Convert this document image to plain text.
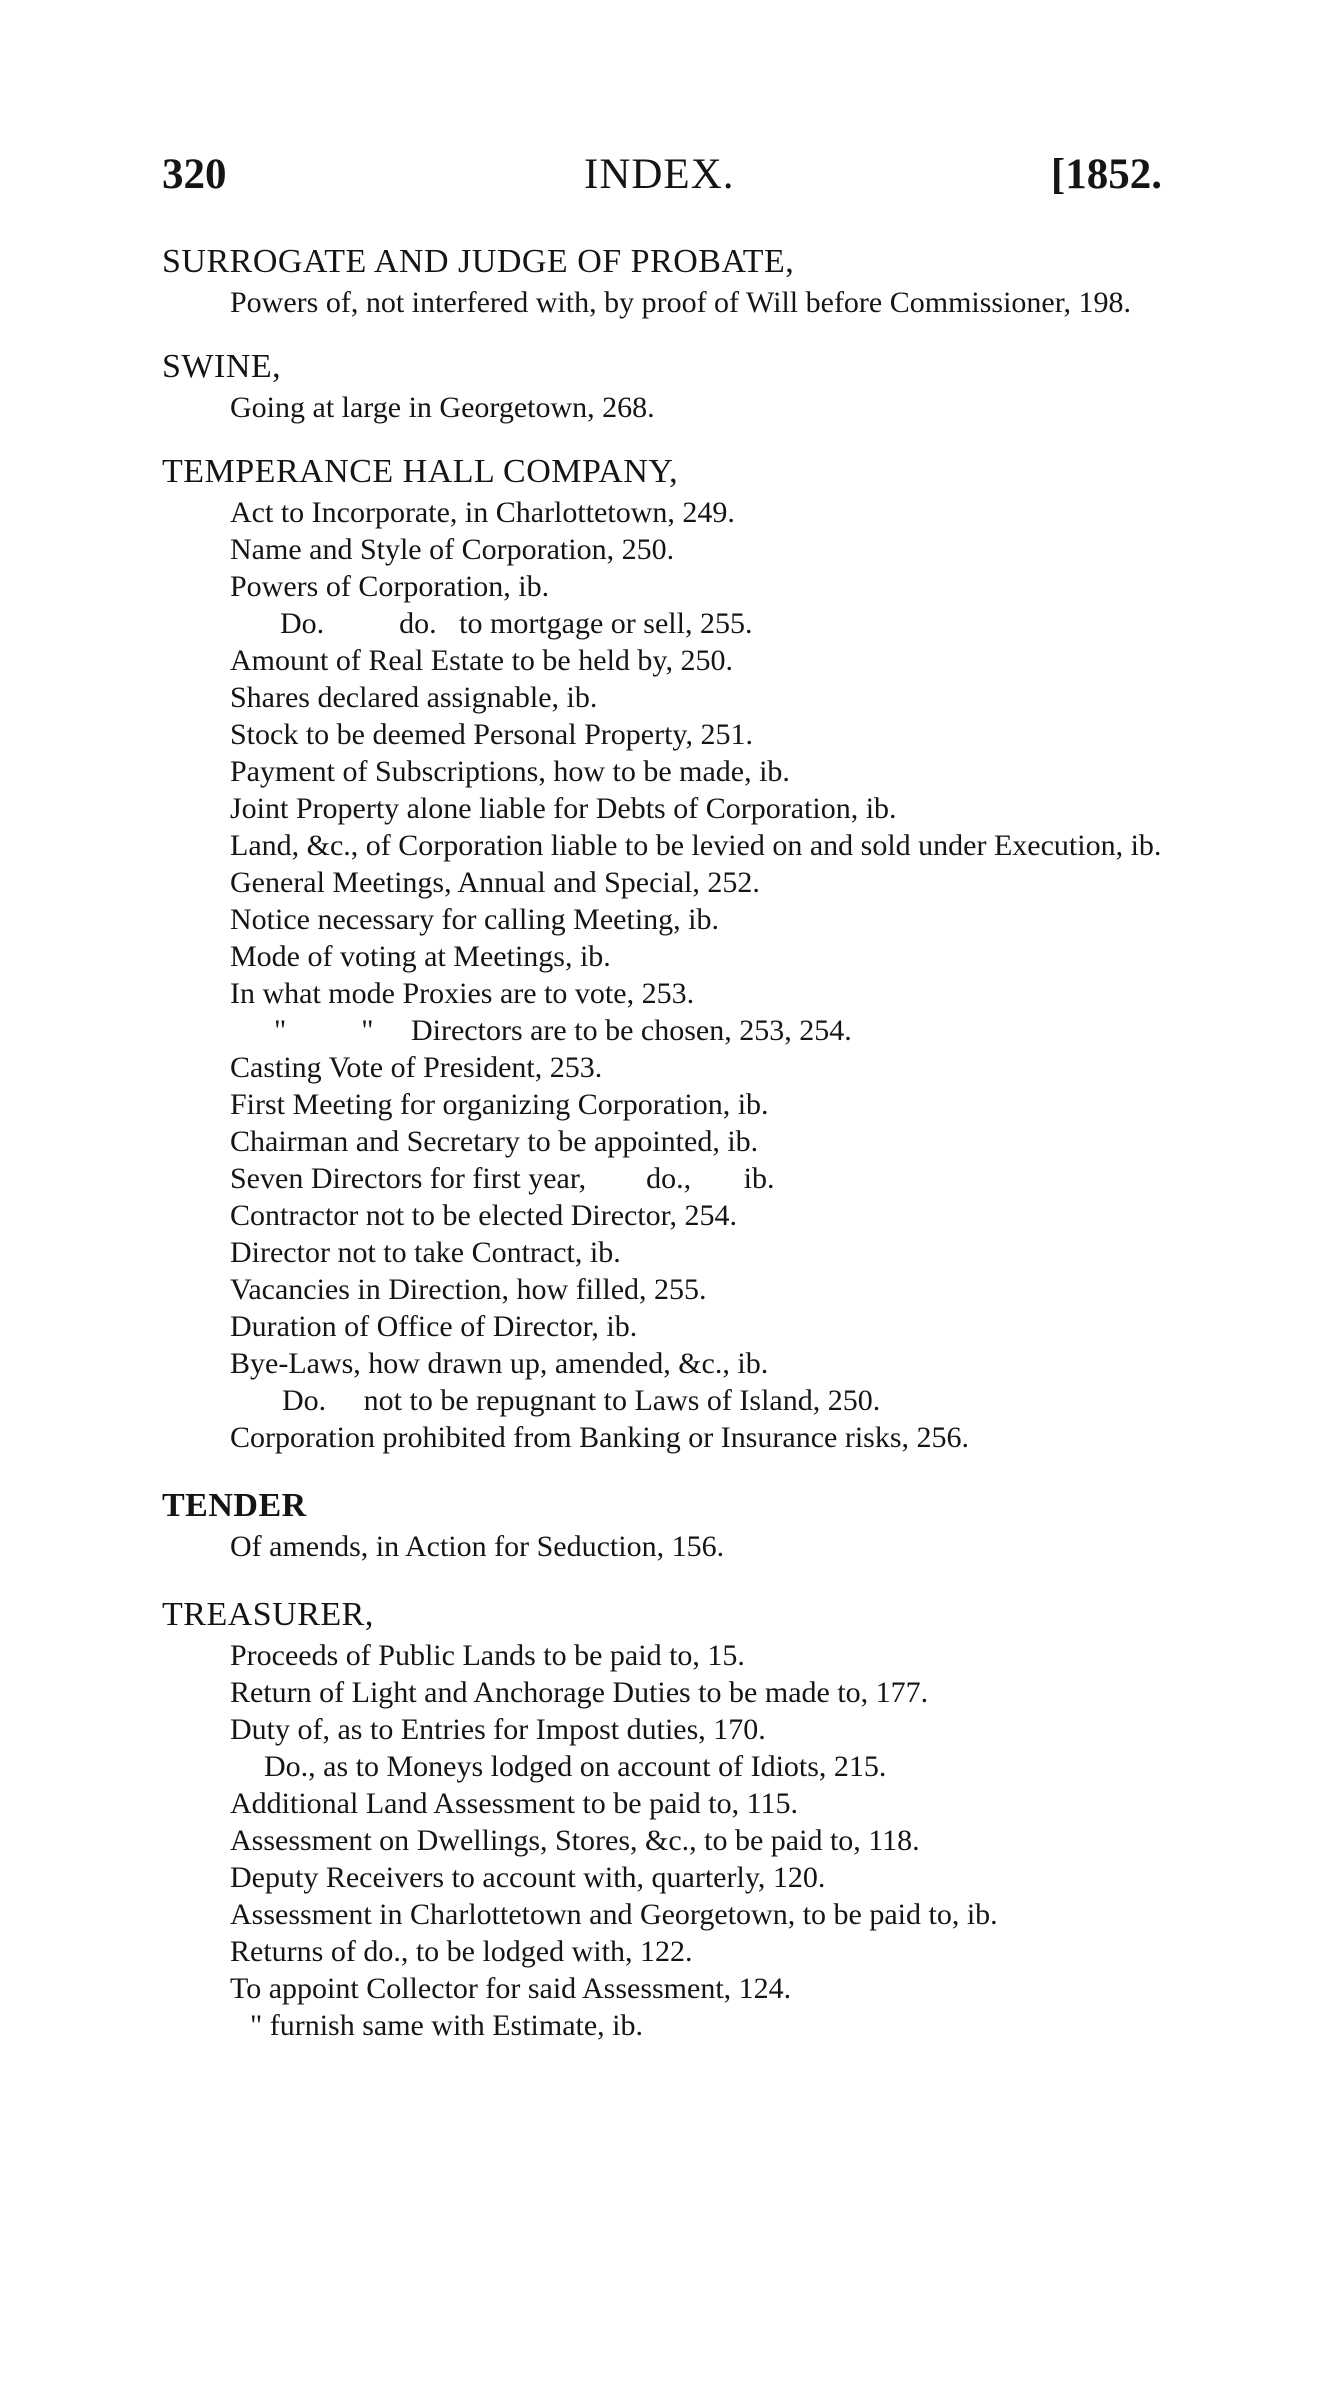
320	INDEX.	[1852.
SURROGATE AND JUDGE OF PROBATE,
Powers of, not interfered with, by proof of Will before Commissioner, 198.
SWINE,
Going at large in Georgetown, 268.
TEMPERANCE HALL COMPANY,
Act to Incorporate, in Charlottetown, 249.
Name and Style of Corporation, 250.
Powers of Corporation, ib.
Do.          do.   to mortgage or sell, 255.
Amount of Real Estate to be held by, 250.
Shares declared assignable, ib.
Stock to be deemed Personal Property, 251.
Payment of Subscriptions, how to be made, ib.
Joint Property alone liable for Debts of Corporation, ib.
Land, &c., of Corporation liable to be levied on and sold under Execution, ib.
General Meetings, Annual and Special, 252.
Notice necessary for calling Meeting, ib.
Mode of voting at Meetings, ib.
In what mode Proxies are to vote, 253.
"          "     Directors are to be chosen, 253, 254.
Casting Vote of President, 253.
First Meeting for organizing Corporation, ib.
Chairman and Secretary to be appointed, ib.
Seven Directors for first year,        do.,       ib.
Contractor not to be elected Director, 254.
Director not to take Contract, ib.
Vacancies in Direction, how filled, 255.
Duration of Office of Director, ib.
Bye-Laws, how drawn up, amended, &c., ib.
Do.     not to be repugnant to Laws of Island, 250.
Corporation prohibited from Banking or Insurance risks, 256.
TENDER
Of amends, in Action for Seduction, 156.
TREASURER,
Proceeds of Public Lands to be paid to, 15.
Return of Light and Anchorage Duties to be made to, 177.
Duty of, as to Entries for Impost duties, 170.
Do., as to Moneys lodged on account of Idiots, 215.
Additional Land Assessment to be paid to, 115.
Assessment on Dwellings, Stores, &c., to be paid to, 118.
Deputy Receivers to account with, quarterly, 120.
Assessment in Charlottetown and Georgetown, to be paid to, ib.
Returns of do., to be lodged with, 122.
To appoint Collector for said Assessment, 124.
" furnish same with Estimate, ib.
